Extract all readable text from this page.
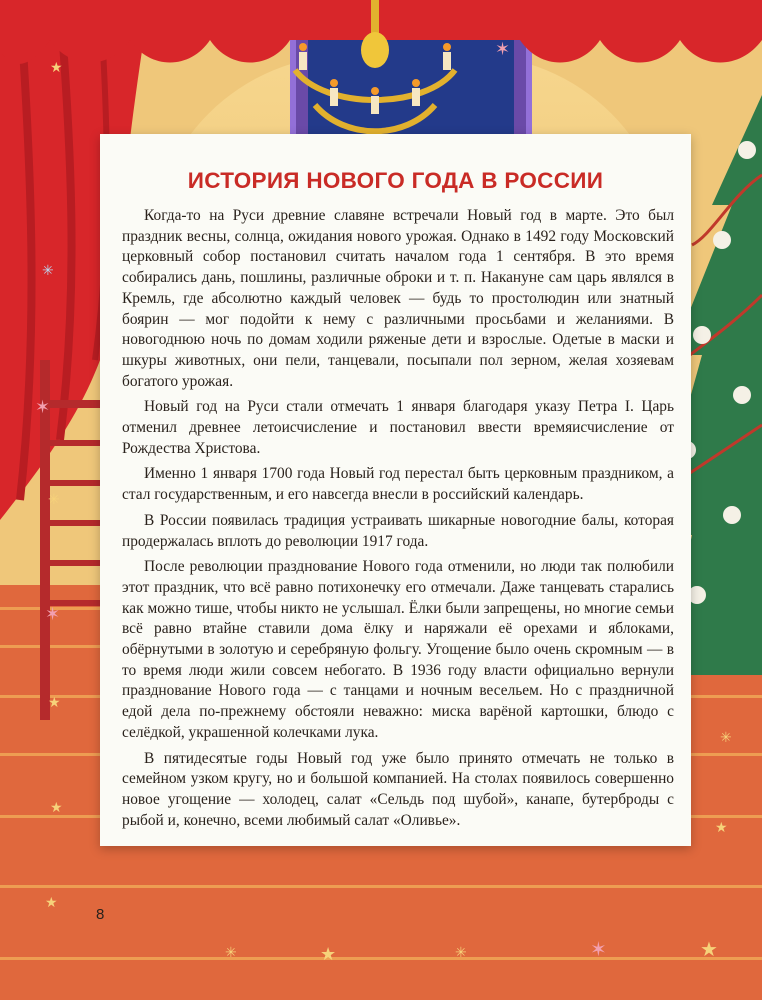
★
✶
✳
✶
✳
✶
★
★
★
✳	★	✳	✶	★
★
✳
ИСТОРИЯ НОВОГО ГОДА В РОССИИ

Когда-то на Руси древние славяне встречали Новый год в марте. Это был праздник весны, солнца, ожидания нового урожая. Однако в 1492 году Московский церковный собор постановил считать началом года 1 сентября. В это время собирались дань, пошлины, различные оброки и т. п. Накануне сам царь являлся в Кремль, где абсолютно каждый человек — будь то простолюдин или знатный боярин — мог подойти к нему с различными просьбами и желаниями. В новогоднюю ночь по домам ходили ряженые дети и взрослые. Одетые в маски и шкуры животных, они пели, танцевали, посыпали пол зерном, желая хозяевам богатого урожая.

Новый год на Руси стали отмечать 1 января благодаря указу Петра I. Царь отменил древнее летоисчисление и постановил ввести времяисчисление от Рождества Христова.

Именно 1 января 1700 года Новый год перестал быть церковным праздником, а стал государственным, и его навсегда внесли в российский календарь.

В России появилась традиция устраивать шикарные новогодние балы, которая продержалась вплоть до революции 1917 года.

После революции празднование Нового года отменили, но люди так полюбили этот праздник, что всё равно потихонечку его отмечали. Даже танцевать старались как можно тише, чтобы никто не услышал. Ёлки были запрещены, но многие семьи всё равно втайне ставили дома ёлку и наряжали её орехами и яблоками, обёрнутыми в золотую и серебряную фольгу. Угощение было очень скромным — в то время люди жили совсем небогато. В 1936 году власти официально вернули празднование Нового года — с танцами и ночным весельем. Но с праздничной едой дела по-прежнему обстояли неважно: миска варёной картошки, блюдо с селёдкой, украшенной колечками лука.

В пятидесятые годы Новый год уже было принято отмечать не только в семейном узком кругу, но и большой компанией. На столах появилось совершенно новое угощение — холодец, салат «Сельдь под шубой», канапе, бутерброды с рыбой и, конечно, всеми любимый салат «Оливье».

8
